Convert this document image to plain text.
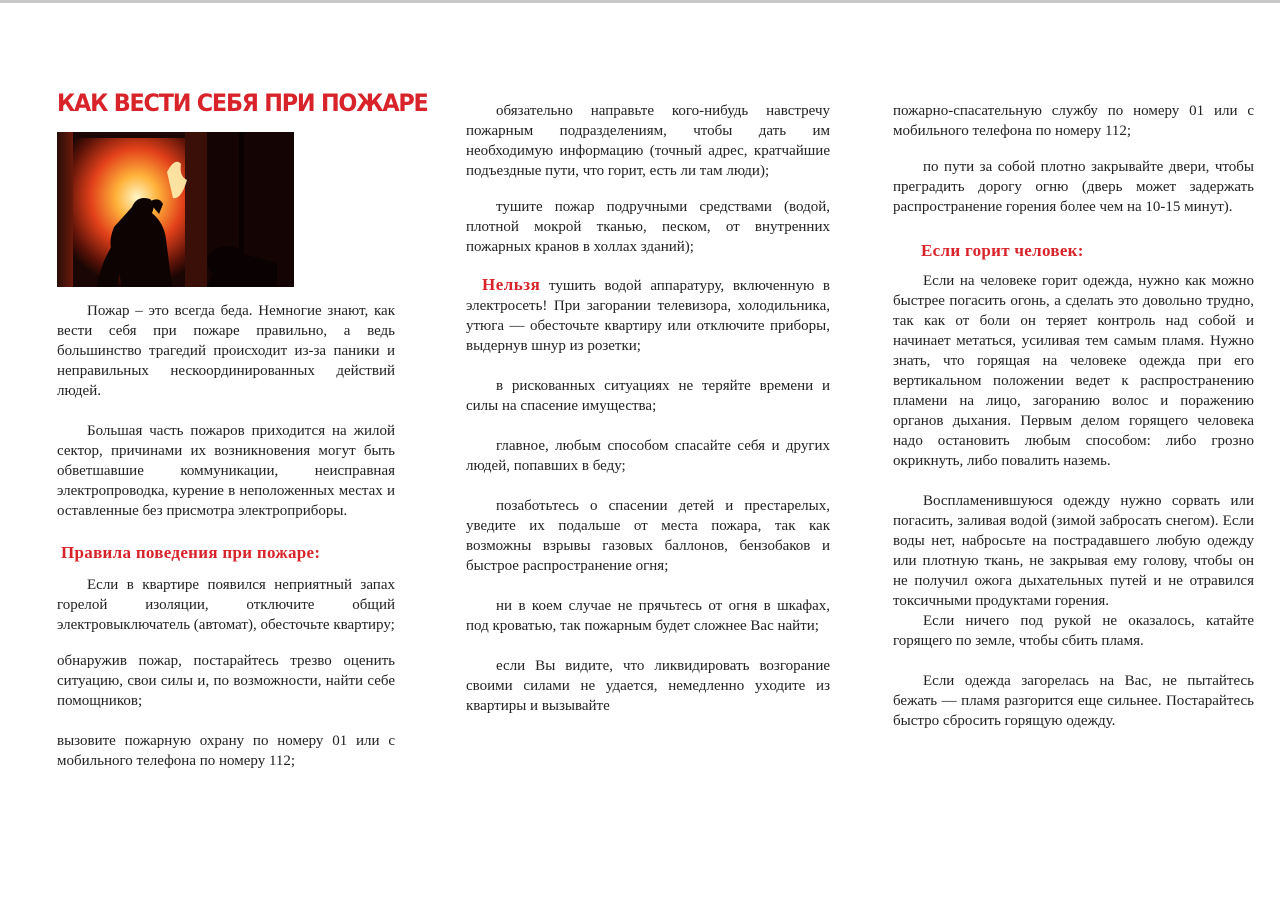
КАК ВЕСТИ СЕБЯ ПРИ ПОЖАРЕ

Пожар – это всегда беда. Немногие знают, как вести себя при пожаре правильно, а ведь большинство трагедий происходит из-за паники и неправильных нескоординированных действий людей.

Большая часть пожаров приходится на жилой сектор, причинами их возникновения могут быть обветшавшие коммуникации, неисправная электропроводка, курение в неположенных местах и оставленные без присмотра электроприборы.

Правила поведения при пожаре:

Если в квартире появился неприятный запах горелой изоляции, отключите общий электровыключатель (автомат), обесточьте квартиру;

обнаружив пожар, постарайтесь трезво оценить ситуацию, свои силы и, по возможности, найти себе помощников;

вызовите пожарную охрану по номеру 01 или с мобильного телефона по номеру 112;

обязательно направьте кого-нибудь навстречу пожарным подразделениям, чтобы дать им необходимую информацию (точный адрес, кратчайшие подъездные пути, что горит, есть ли там люди);

тушите пожар подручными средствами (водой, плотной мокрой тканью, песком, от внутренних пожарных кранов в холлах зданий);

Нельзя тушить водой аппаратуру, включенную в электросеть! При загорании телевизора, холодильника, утюга — обесточьте квартиру или отключите приборы, выдернув шнур из розетки;

в рискованных ситуациях не теряйте времени и силы на спасение имущества;

главное, любым способом спасайте себя и других людей, попавших в беду;

позаботьтесь о спасении детей и престарелых, уведите их подальше от места пожара, так как возможны взрывы газовых баллонов, бензобаков и быстрое распространение огня;

ни в коем случае не прячьтесь от огня в шкафах, под кроватью, так пожарным будет сложнее Вас найти;

если Вы видите, что ликвидировать возгорание своими силами не удается, немедленно уходите из квартиры и вызывайте

пожарно-спасательную службу по номеру 01 или с мобильного телефона по номеру 112;

по пути за собой плотно закрывайте двери, чтобы преградить дорогу огню (дверь может задержать распространение горения более чем на 10-15 минут).

Если горит человек:

Если на человеке горит одежда, нужно как можно быстрее погасить огонь, а сделать это довольно трудно, так как от боли он теряет контроль над собой и начинает метаться, усиливая тем самым пламя. Нужно знать, что горящая на человеке одежда при его вертикальном положении ведет к распространению пламени на лицо, загоранию волос и поражению органов дыхания. Первым делом горящего человека надо остановить любым способом: либо грозно окрикнуть, либо повалить наземь.

Воспламенившуюся одежду нужно сорвать или погасить, заливая водой (зимой забросать снегом). Если воды нет, набросьте на пострадавшего любую одежду или плотную ткань, не закрывая ему голову, чтобы он не получил ожога дыхательных путей и не отравился токсичными продуктами горения.

Если ничего под рукой не оказалось, катайте горящего по земле, чтобы сбить пламя.

Если одежда загорелась на Вас, не пытайтесь бежать — пламя разгорится еще сильнее. Постарайтесь быстро сбросить горящую одежду.
